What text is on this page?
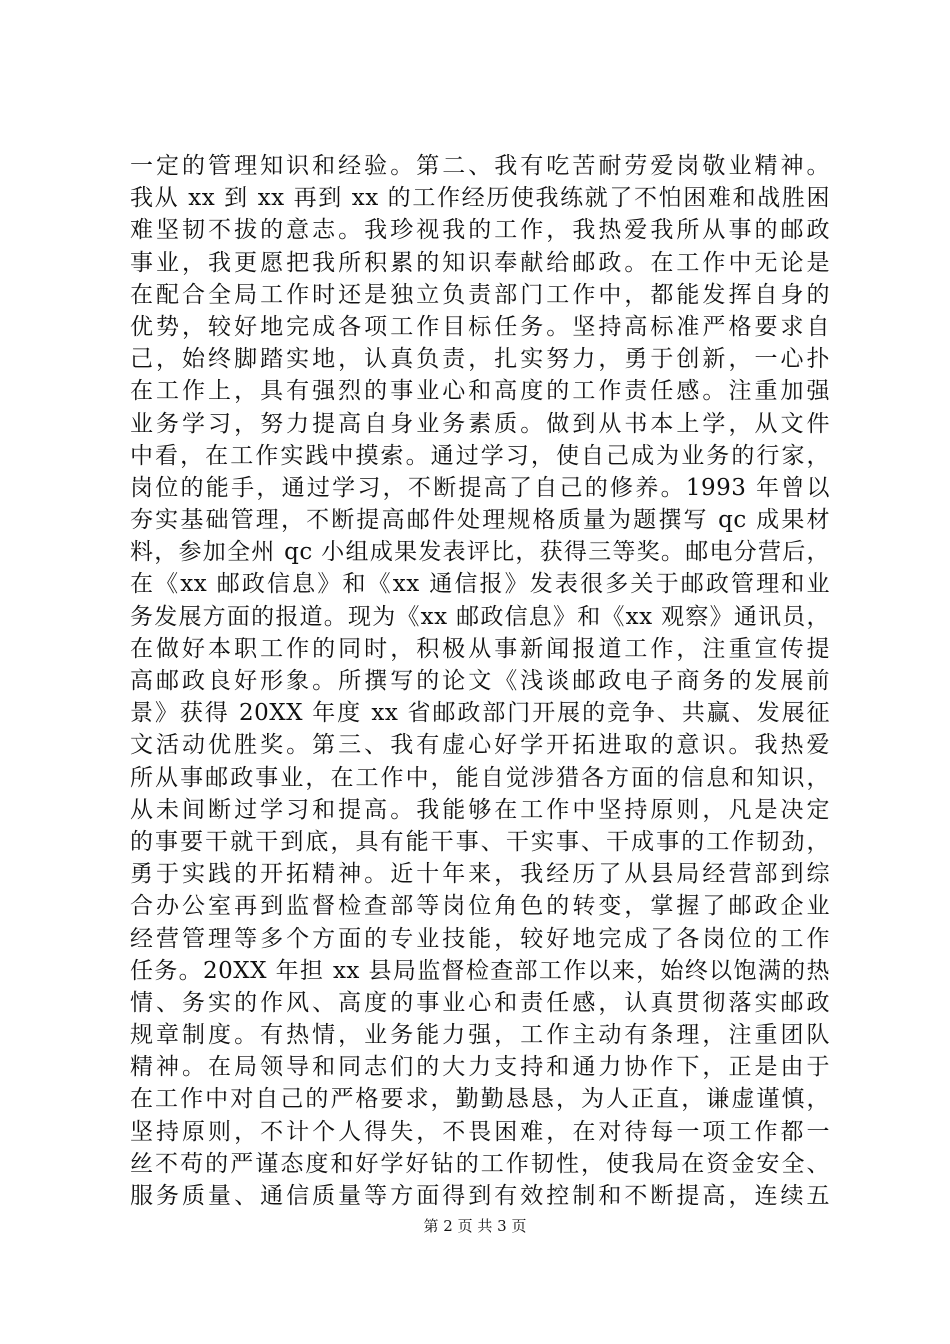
一定的管理知识和经验。第二、我有吃苦耐劳爱岗敬业精神。
我从 xx 到 xx 再到 xx 的工作经历使我练就了不怕困难和战胜困
难坚韧不拔的意志。我珍视我的工作，我热爱我所从事的邮政
事业，我更愿把我所积累的知识奉献给邮政。在工作中无论是
在配合全局工作时还是独立负责部门工作中，都能发挥自身的
优势，较好地完成各项工作目标任务。坚持高标准严格要求自
己，始终脚踏实地，认真负责，扎实努力，勇于创新，一心扑
在工作上，具有强烈的事业心和高度的工作责任感。注重加强
业务学习，努力提高自身业务素质。做到从书本上学，从文件
中看，在工作实践中摸索。通过学习，使自己成为业务的行家，
岗位的能手，通过学习，不断提高了自己的修养。1993 年曾以
夯实基础管理，不断提高邮件处理规格质量为题撰写 qc 成果材
料，参加全州 qc 小组成果发表评比，获得三等奖。邮电分营后，
在《xx 邮政信息》和《xx 通信报》发表很多关于邮政管理和业
务发展方面的报道。现为《xx 邮政信息》和《xx 观察》通讯员，
在做好本职工作的同时，积极从事新闻报道工作，注重宣传提
高邮政良好形象。所撰写的论文《浅谈邮政电子商务的发展前
景》获得 20XX 年度 xx 省邮政部门开展的竞争、共赢、发展征
文活动优胜奖。第三、我有虚心好学开拓进取的意识。我热爱
所从事邮政事业，在工作中，能自觉涉猎各方面的信息和知识，
从未间断过学习和提高。我能够在工作中坚持原则，凡是决定
的事要干就干到底，具有能干事、干实事、干成事的工作韧劲，
勇于实践的开拓精神。近十年来，我经历了从县局经营部到综
合办公室再到监督检查部等岗位角色的转变，掌握了邮政企业
经营管理等多个方面的专业技能，较好地完成了各岗位的工作
任务。20XX 年担 xx 县局监督检查部工作以来，始终以饱满的热
情、务实的作风、高度的事业心和责任感，认真贯彻落实邮政
规章制度。有热情，业务能力强，工作主动有条理，注重团队
精神。在局领导和同志们的大力支持和通力协作下，正是由于
在工作中对自己的严格要求，勤勤恳恳，为人正直，谦虚谨慎，
坚持原则，不计个人得失，不畏困难，在对待每一项工作都一
丝不苟的严谨态度和好学好钻的工作韧性，使我局在资金安全、
服务质量、通信质量等方面得到有效控制和不断提高，连续五
第 2 页 共 3 页
